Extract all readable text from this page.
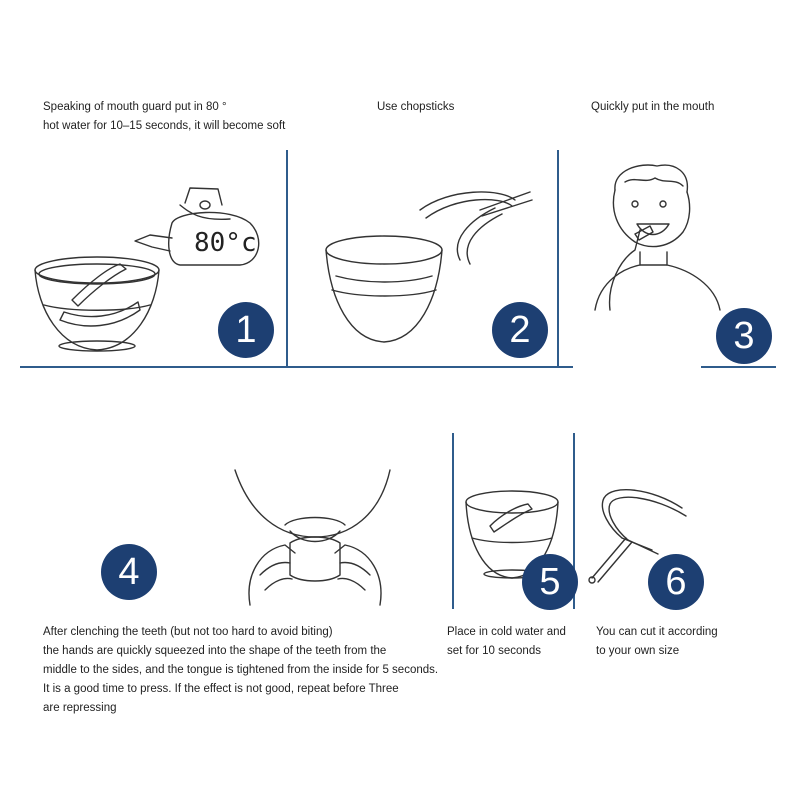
Speaking of mouth guard put in 80 °
hot water for 10–15 seconds, it will become soft
Use chopsticks	Quickly put in the mouth
After clenching the teeth (but not too hard to avoid biting)
the hands are quickly squeezed into the shape of the teeth from the
middle to the sides, and the tongue is tightened from the inside for 5 seconds.
It is a good time to press. If the effect is not good, repeat before Three
are repressing
Place in cold water and
set for 10 seconds
You can cut it according
to your own size
80°c
1	2	3
4	5	6
